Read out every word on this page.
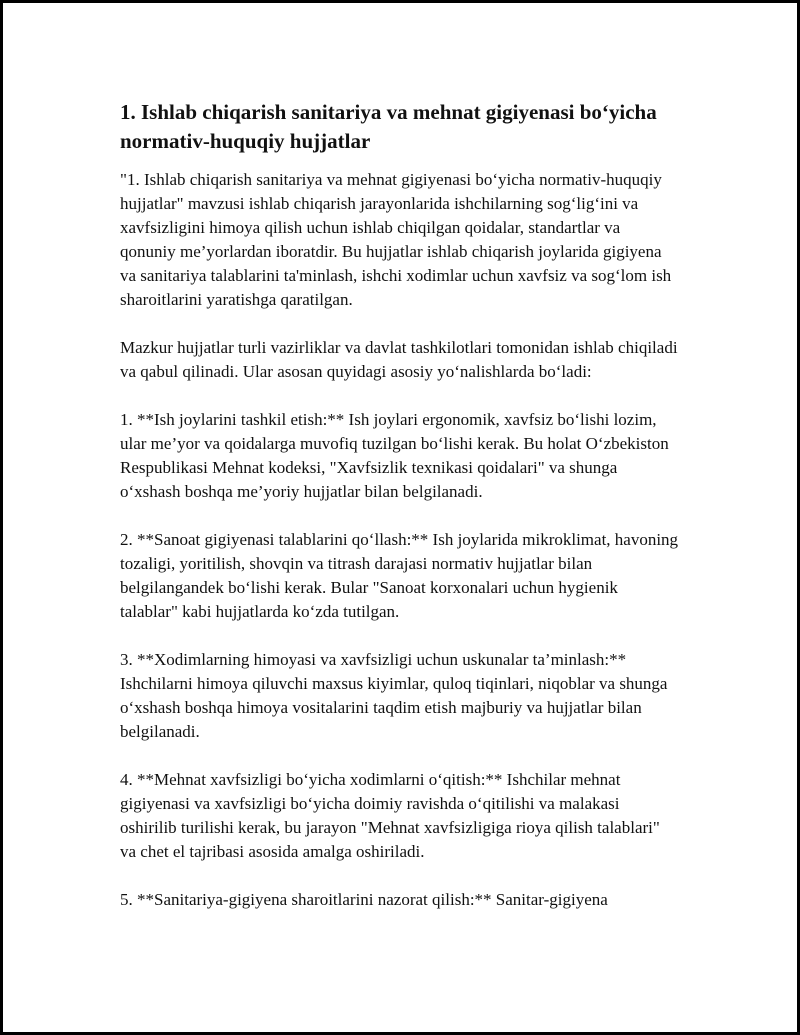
1. Ishlab chiqarish sanitariya va mehnat gigiyenasi bo‘yicha normativ-huquqiy hujjatlar

"1. Ishlab chiqarish sanitariya va mehnat gigiyenasi bo‘yicha normativ-huquqiy hujjatlar" mavzusi ishlab chiqarish jarayonlarida ishchilarning sog‘lig‘ini va xavfsizligini himoya qilish uchun ishlab chiqilgan qoidalar, standartlar va qonuniy me’yorlardan iboratdir. Bu hujjatlar ishlab chiqarish joylarida gigiyena va sanitariya talablarini ta'minlash, ishchi xodimlar uchun xavfsiz va sog‘lom ish sharoitlarini yaratishga qaratilgan.

Mazkur hujjatlar turli vazirliklar va davlat tashkilotlari tomonidan ishlab chiqiladi va qabul qilinadi. Ular asosan quyidagi asosiy yo‘nalishlarda bo‘ladi:

1. **Ish joylarini tashkil etish:** Ish joylari ergonomik, xavfsiz bo‘lishi lozim, ular me’yor va qoidalarga muvofiq tuzilgan bo‘lishi kerak. Bu holat O‘zbekiston Respublikasi Mehnat kodeksi, "Xavfsizlik texnikasi qoidalari" va shunga o‘xshash boshqa me’yoriy hujjatlar bilan belgilanadi.

2. **Sanoat gigiyenasi talablarini qo‘llash:** Ish joylarida mikroklimat, havoning tozaligi, yoritilish, shovqin va titrash darajasi normativ hujjatlar bilan belgilangandek bo‘lishi kerak. Bular "Sanoat korxonalari uchun hygienik talablar" kabi hujjatlarda ko‘zda tutilgan.

3. **Xodimlarning himoyasi va xavfsizligi uchun uskunalar ta’minlash:** Ishchilarni himoya qiluvchi maxsus kiyimlar, quloq tiqinlari, niqoblar va shunga o‘xshash boshqa himoya vositalarini taqdim etish majburiy va hujjatlar bilan belgilanadi.

4. **Mehnat xavfsizligi bo‘yicha xodimlarni o‘qitish:** Ishchilar mehnat gigiyenasi va xavfsizligi bo‘yicha doimiy ravishda o‘qitilishi va malakasi oshirilib turilishi kerak, bu jarayon "Mehnat xavfsizligiga rioya qilish talablari" va chet el tajribasi asosida amalga oshiriladi.

5. **Sanitariya-gigiyena sharoitlarini nazorat qilish:** Sanitar-gigiyena
